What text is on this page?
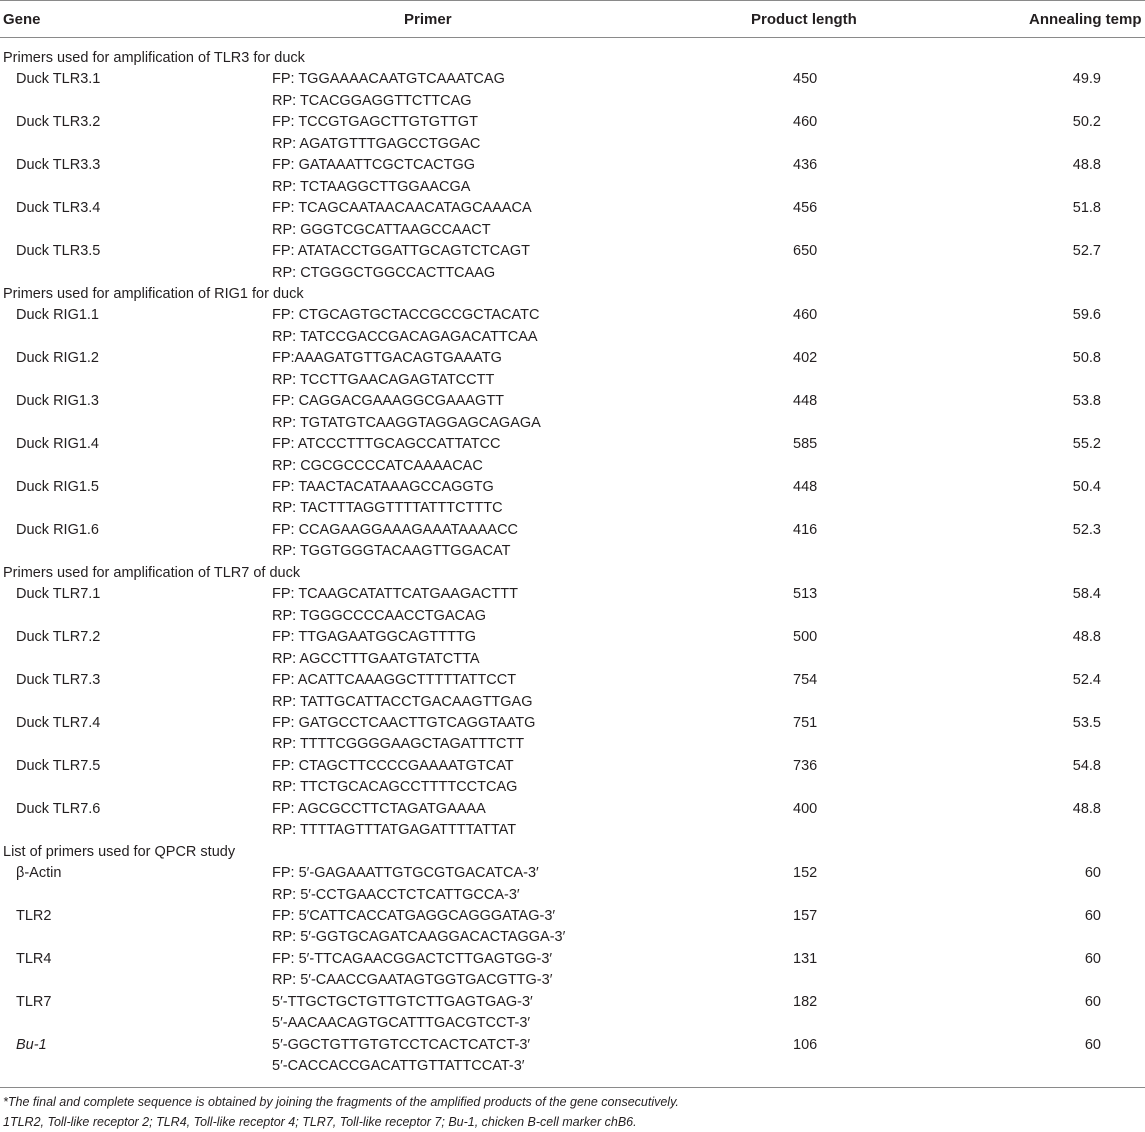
Gene	Primer	Product length	Annealing temp
Primers used for amplification of TLR3 for duck
Duck TLR3.1	FP: TGGAAAACAATGTCAAATCAG	450	49.9
RP: TCACGGAGGTTCTTCAG
Duck TLR3.2	FP: TCCGTGAGCTTGTGTTGT	460	50.2
RP: AGATGTTTGAGCCTGGAC
Duck TLR3.3	FP: GATAAATTCGCTCACTGG	436	48.8
RP: TCTAAGGCTTGGAACGA
Duck TLR3.4	FP: TCAGCAATAACAACATAGCAAACA	456	51.8
RP: GGGTCGCATTAAGCCAACT
Duck TLR3.5	FP: ATATACCTGGATTGCAGTCTCAGT	650	52.7
RP: CTGGGCTGGCCACTTCAAG
Primers used for amplification of RIG1 for duck
Duck RIG1.1	FP: CTGCAGTGCTACCGCCGCTACATC	460	59.6
RP: TATCCGACCGACAGAGACATTCAA
Duck RIG1.2	FP:AAAGATGTTGACAGTGAAATG	402	50.8
RP: TCCTTGAACAGAGTATCCTT
Duck RIG1.3	FP: CAGGACGAAAGGCGAAAGTT	448	53.8
RP: TGTATGTCAAGGTAGGAGCAGAGA
Duck RIG1.4	FP: ATCCCTTTGCAGCCATTATCC	585	55.2
RP: CGCGCCCCATCAAAACAC
Duck RIG1.5	FP: TAACTACATAAAGCCAGGTG	448	50.4
RP: TACTTTAGGTTTTATTTCTTTC
Duck RIG1.6	FP: CCAGAAGGAAAGAAATAAAACC	416	52.3
RP: TGGTGGGTACAAGTTGGACAT
Primers used for amplification of TLR7 of duck
Duck TLR7.1	FP: TCAAGCATATTCATGAAGACTTT	513	58.4
RP: TGGGCCCCAACCTGACAG
Duck TLR7.2	FP: TTGAGAATGGCAGTTTTG	500	48.8
RP: AGCCTTTGAATGTATCTTA
Duck TLR7.3	FP: ACATTCAAAGGCTTTTTATTCCT	754	52.4
RP: TATTGCATTACCTGACAAGTTGAG
Duck TLR7.4	FP: GATGCCTCAACTTGTCAGGTAATG	751	53.5
RP: TTTTCGGGGAAGCTAGATTTCTT
Duck TLR7.5	FP: CTAGCTTCCCCGAAAATGTCAT	736	54.8
RP: TTCTGCACAGCCTTTTCCTCAG
Duck TLR7.6	FP: AGCGCCTTCTAGATGAAAA	400	48.8
RP: TTTTAGTTTATGAGATTTTATTAT
List of primers used for QPCR study
β-Actin	FP: 5′-GAGAAATTGTGCGTGACATCA-3′	152	60
RP: 5′-CCTGAACCTCTCATTGCCA-3′
TLR2	FP: 5′CATTCACCATGAGGCAGGGATAG-3′	157	60
RP: 5′-GGTGCAGATCAAGGACACTAGGA-3′
TLR4	FP: 5′-TTCAGAACGGACTCTTGAGTGG-3′	131	60
RP: 5′-CAACCGAATAGTGGTGACGTTG-3′
TLR7	5′-TTGCTGCTGTTGTCTTGAGTGAG-3′	182	60
5′-AACAACAGTGCATTTGACGTCCT-3′
Bu-1	5′-GGCTGTTGTGTCCTCACTCATCT-3′	106	60
5′-CACCACCGACATTGTTATTCCAT-3′
*The final and complete sequence is obtained by joining the fragments of the amplified products of the gene consecutively.
1TLR2, Toll-like receptor 2; TLR4, Toll-like receptor 4; TLR7, Toll-like receptor 7; Bu-1, chicken B-cell marker chB6.
